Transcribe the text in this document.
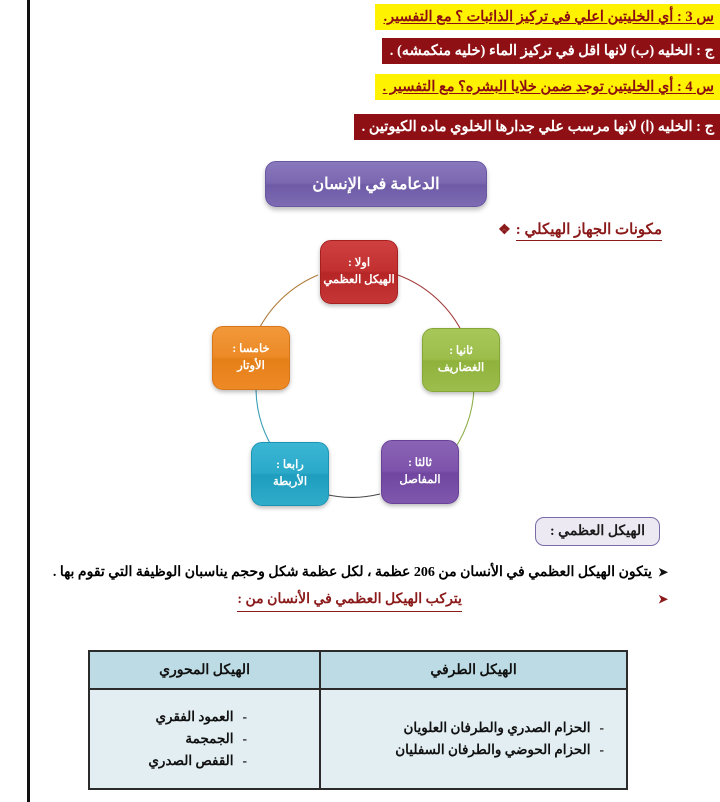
س 3 : أي الخليتين اعلي في تركيز الذائبات ؟ مع التفسير.
ج : الخليه (ب) لانها اقل في تركيز الماء (خليه منكمشه) .
س 4 : أي الخليتين توجد ضمن خلايا البشره؟ مع التفسير .
ج : الخليه (ا) لانها مرسب علي جدارها الخلوي ماده الكيوتين .
الدعامة في الإنسان
مكونات الجهاز الهيكلي :
❖
اولا :
الهيكل العظمي
ثانيا :
الغضاريف
ثالثا :
المفاصل
رابعا :
الأربطة
خامسا :
الأوتار
الهيكل العظمي :
➤
يتكون الهيكل العظمي في الأنسان من 206 عظمة ، لكل عظمة شكل وحجم يناسبان الوظيفة التي تقوم بها .
➤
يتركب الهيكل العظمي في الأنسان من :
الهيكل الطرفي	الهيكل المحوري

-
الحزام الصدري والطرفان العلويان
-
الحزام الحوضي والطرفان السفليان

-
العمود الفقري
-
الجمجمة
-
القفص الصدري
